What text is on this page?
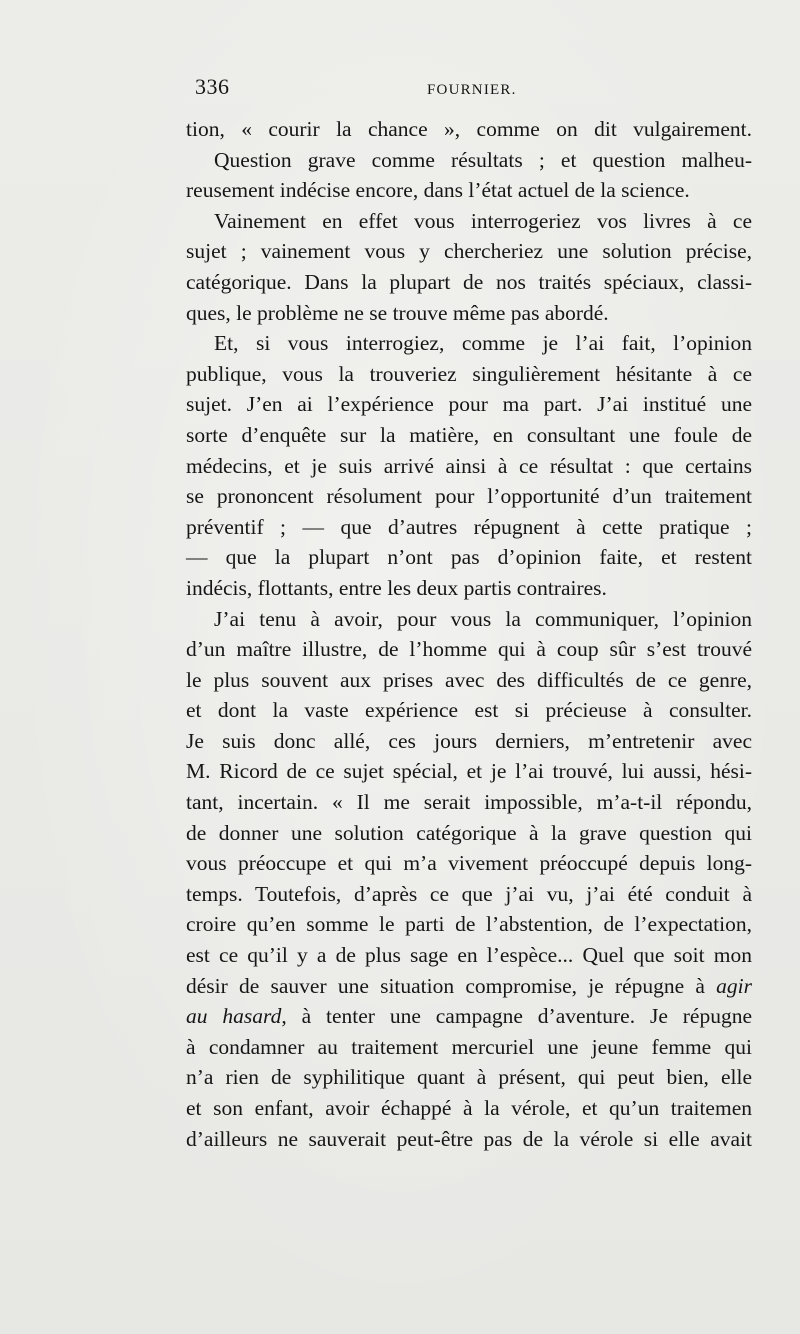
336	FOURNIER.
tion, « courir la chance », comme on dit vulgairement.
Question grave comme résultats ; et question malheu-
reusement indécise encore, dans l’état actuel de la science.
Vainement en effet vous interrogeriez vos livres à ce
sujet ; vainement vous y chercheriez une solution précise,
catégorique. Dans la plupart de nos traités spéciaux, classi-
ques, le problème ne se trouve même pas abordé.
Et, si vous interrogiez, comme je l’ai fait, l’opinion
publique, vous la trouveriez singulièrement hésitante à ce
sujet. J’en ai l’expérience pour ma part. J’ai institué une
sorte d’enquête sur la matière, en consultant une foule de
médecins, et je suis arrivé ainsi à ce résultat : que certains
se prononcent résolument pour l’opportunité d’un traitement
préventif ; — que d’autres répugnent à cette pratique ;
— que la plupart n’ont pas d’opinion faite, et restent
indécis, flottants, entre les deux partis contraires.
J’ai tenu à avoir, pour vous la communiquer, l’opinion
d’un maître illustre, de l’homme qui à coup sûr s’est trouvé
le plus souvent aux prises avec des difficultés de ce genre,
et dont la vaste expérience est si précieuse à consulter.
Je suis donc allé, ces jours derniers, m’entretenir avec
M. Ricord de ce sujet spécial, et je l’ai trouvé, lui aussi, hési-
tant, incertain. « Il me serait impossible, m’a-t-il répondu,
de donner une solution catégorique à la grave question qui
vous préoccupe et qui m’a vivement préoccupé depuis long-
temps. Toutefois, d’après ce que j’ai vu, j’ai été conduit à
croire qu’en somme le parti de l’abstention, de l’expectation,
est ce qu’il y a de plus sage en l’espèce... Quel que soit mon
désir de sauver une situation compromise, je répugne à agir
au hasard, à tenter une campagne d’aventure. Je répugne
à condamner au traitement mercuriel une jeune femme qui
n’a rien de syphilitique quant à présent, qui peut bien, elle
et son enfant, avoir échappé à la vérole, et qu’un traitemen
d’ailleurs ne sauverait peut-être pas de la vérole si elle avait
